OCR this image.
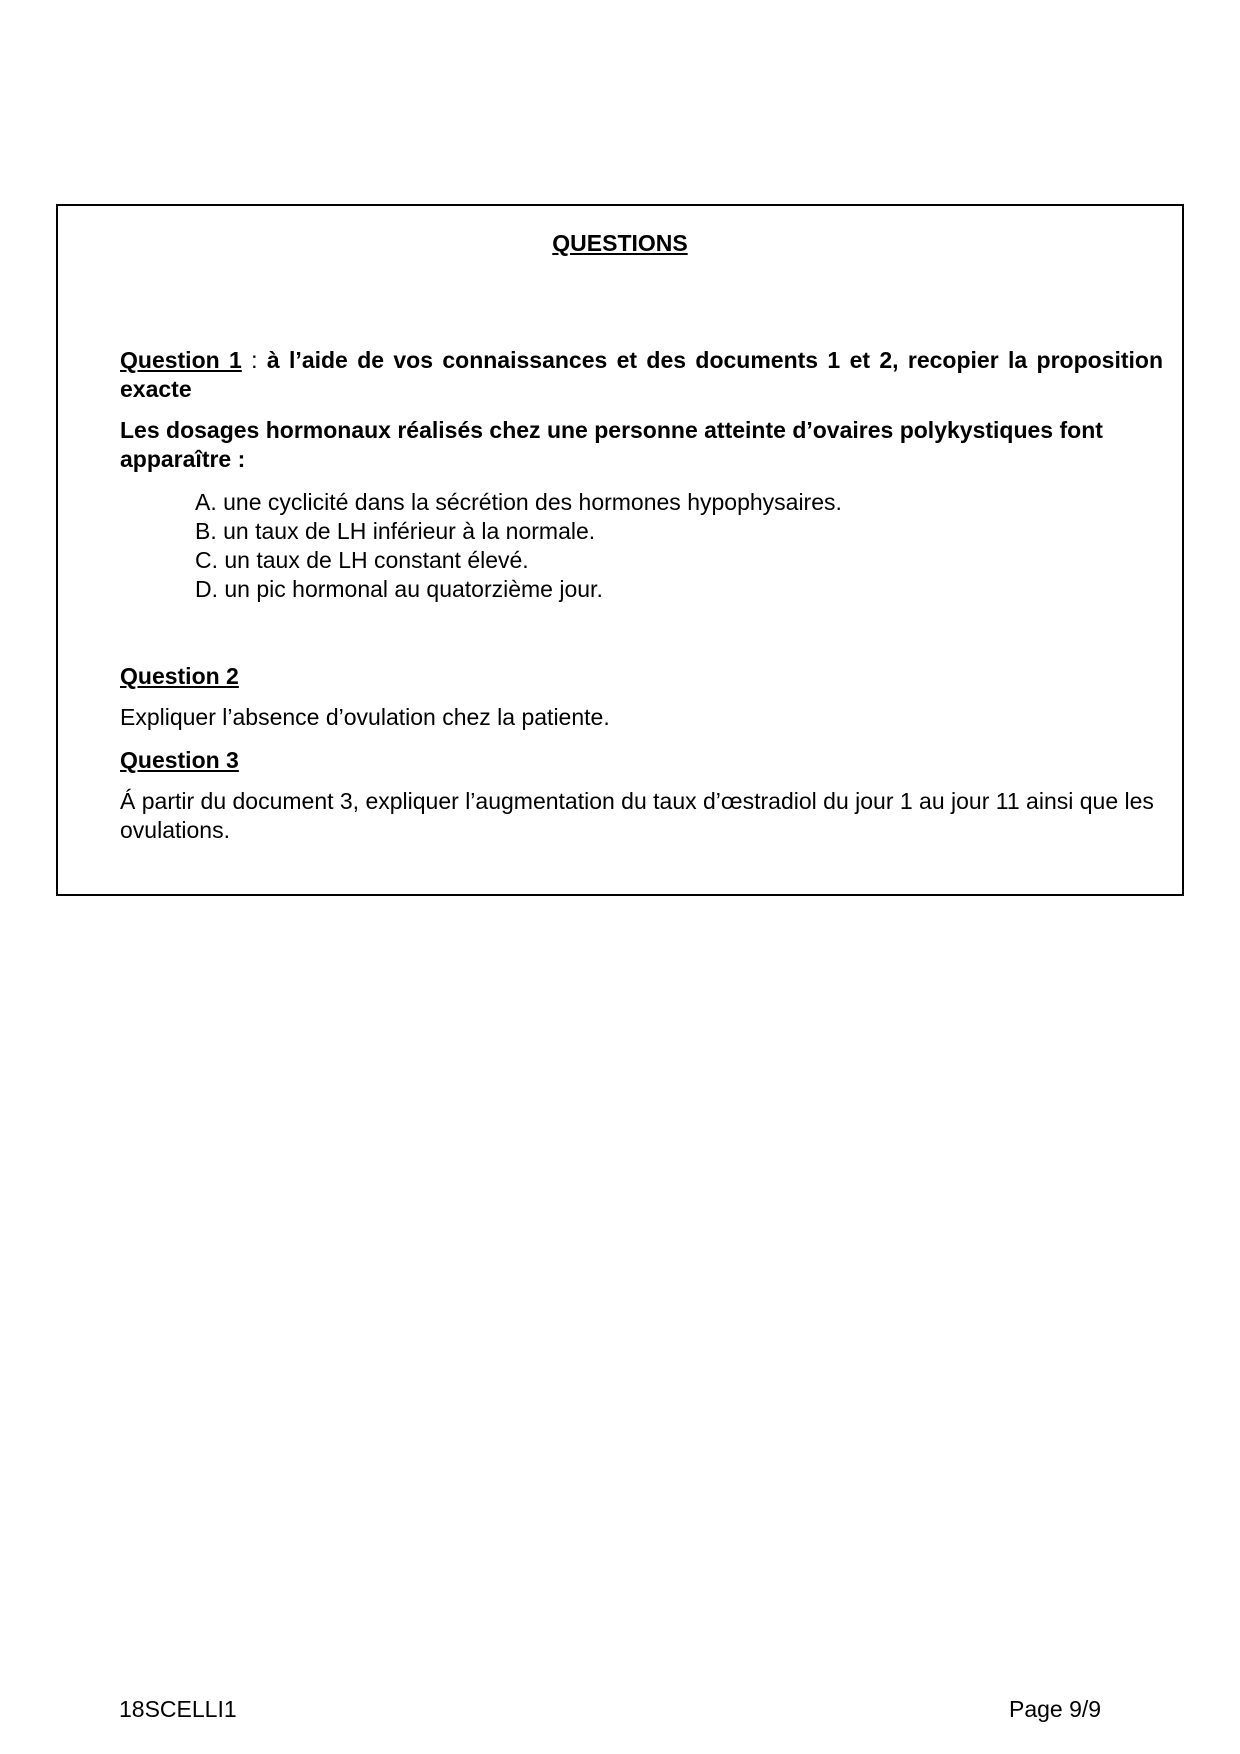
QUESTIONS

Question 1 : à l’aide de vos connaissances et des documents 1 et 2, recopier la proposition exacte

Les dosages hormonaux réalisés chez une personne atteinte d’ovaires polykystiques font apparaître :

A. une cyclicité dans la sécrétion des hormones hypophysaires.
B. un taux de LH inférieur à la normale.
C. un taux de LH constant élevé.
D. un pic hormonal au quatorzième jour.

Question 2

Expliquer l’absence d’ovulation chez la patiente.

Question 3

Á partir du document 3, expliquer l’augmentation du taux d’œstradiol du jour 1 au jour 11 ainsi que les ovulations.

18SCELLI1	Page 9/9
